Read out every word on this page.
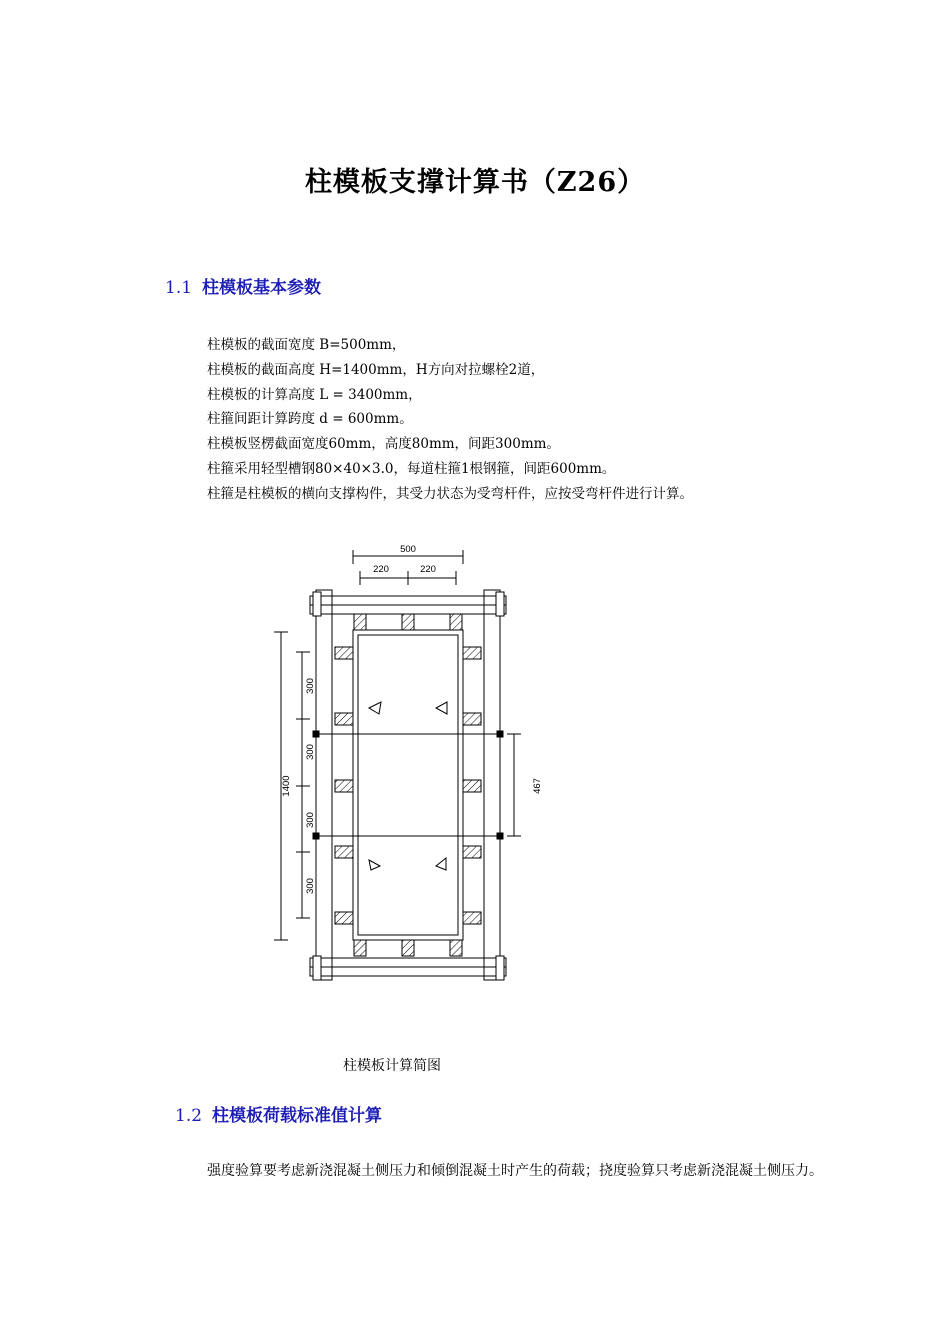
柱模板支撑计算书（Z26）
1.1 柱模板基本参数
柱模板的截面宽度 B=500mm，
柱模板的截面高度 H=1400mm，H方向对拉螺栓2道，
柱模板的计算高度 L = 3400mm，
柱箍间距计算跨度 d = 600mm。
柱模板竖楞截面宽度60mm，高度80mm，间距300mm。
柱箍采用轻型槽钢80×40×3.0，每道柱箍1根钢箍，间距600mm。
柱箍是柱模板的横向支撑构件，其受力状态为受弯杆件，应按受弯杆件进行计算。
500
220	220
1400
300
300
300
300
467
柱模板计算简图
1.2 柱模板荷载标准值计算
强度验算要考虑新浇混凝土侧压力和倾倒混凝土时产生的荷载；挠度验算只考虑新浇混凝土侧压力。
